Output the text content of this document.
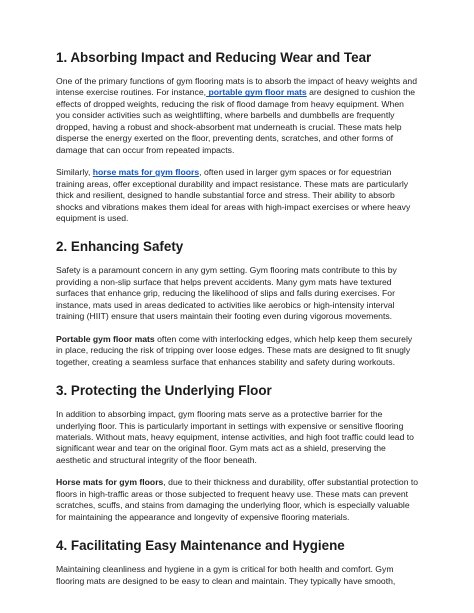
1. Absorbing Impact and Reducing Wear and Tear

One of the primary functions of gym flooring mats is to absorb the impact of heavy weights and intense exercise routines. For instance, portable gym floor mats are designed to cushion the effects of dropped weights, reducing the risk of flood damage from heavy equipment. When you consider activities such as weightlifting, where barbells and dumbbells are frequently dropped, having a robust and shock-absorbent mat underneath is crucial. These mats help disperse the energy exerted on the floor, preventing dents, scratches, and other forms of damage that can occur from repeated impacts.

Similarly, horse mats for gym floors, often used in larger gym spaces or for equestrian training areas, offer exceptional durability and impact resistance. These mats are particularly thick and resilient, designed to handle substantial force and stress. Their ability to absorb shocks and vibrations makes them ideal for areas with high-impact exercises or where heavy equipment is used.

2. Enhancing Safety

Safety is a paramount concern in any gym setting. Gym flooring mats contribute to this by providing a non-slip surface that helps prevent accidents. Many gym mats have textured surfaces that enhance grip, reducing the likelihood of slips and falls during exercises. For instance, mats used in areas dedicated to activities like aerobics or high-intensity interval training (HIIT) ensure that users maintain their footing even during vigorous movements.

Portable gym floor mats often come with interlocking edges, which help keep them securely in place, reducing the risk of tripping over loose edges. These mats are designed to fit snugly together, creating a seamless surface that enhances stability and safety during workouts.

3. Protecting the Underlying Floor

In addition to absorbing impact, gym flooring mats serve as a protective barrier for the underlying floor. This is particularly important in settings with expensive or sensitive flooring materials. Without mats, heavy equipment, intense activities, and high foot traffic could lead to significant wear and tear on the original floor. Gym mats act as a shield, preserving the aesthetic and structural integrity of the floor beneath.

Horse mats for gym floors, due to their thickness and durability, offer substantial protection to floors in high-traffic areas or those subjected to frequent heavy use. These mats can prevent scratches, scuffs, and stains from damaging the underlying floor, which is especially valuable for maintaining the appearance and longevity of expensive flooring materials.

4. Facilitating Easy Maintenance and Hygiene

Maintaining cleanliness and hygiene in a gym is critical for both health and comfort. Gym flooring mats are designed to be easy to clean and maintain. They typically have smooth,
